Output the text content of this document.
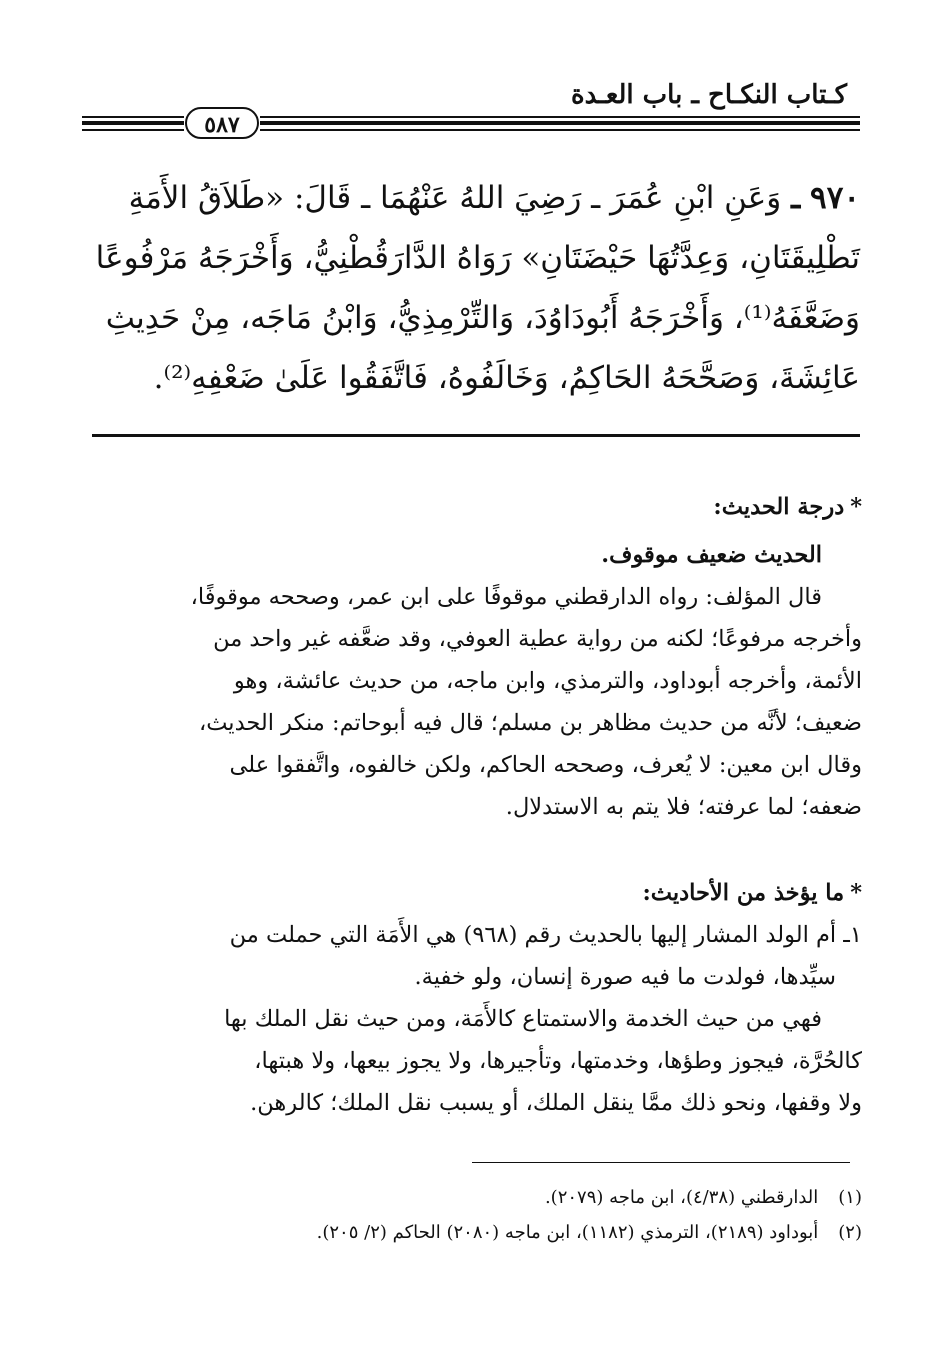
كـتاب النكـاح ـ باب العـدة
٥٨٧
٩٧٠ ـ وَعَنِ ابْنِ عُمَرَ ـ رَضِيَ اللهُ عَنْهُمَا ـ قَالَ: «طَلاَقُ الأَمَةِ
تَطْلِيقَتَانِ، وَعِدَّتُهَا حَيْضَتَانِ» رَوَاهُ الدَّارَقُطْنِيُّ، وَأَخْرَجَهُ مَرْفُوعًا
وَضَعَّفَهُ⁽¹⁾، وَأَخْرَجَهُ أَبُودَاوُدَ، وَالتِّرْمِذِيُّ، وَابْنُ مَاجَه، مِنْ حَدِيثِ
عَائِشَةَ، وَصَحَّحَهُ الحَاكِمُ، وَخَالَفُوهُ، فَاتَّفَقُوا عَلَىٰ ضَعْفِهِ⁽²⁾.

*درجة الحديث:

الحديث ضعيف موقوف.

قال المؤلف: رواه الدارقطني موقوفًا على ابن عمر، وصححه موقوفًا،

وأخرجه مرفوعًا؛ لكنه من رواية عطية العوفي، وقد ضعَّفه غير واحد من

الأئمة، وأخرجه أبوداود، والترمذي، وابن ماجه، من حديث عائشة، وهو

ضعيف؛ لأنَّه من حديث مظاهر بن مسلم؛ قال فيه أبوحاتم: منكر الحديث،

وقال ابن معين: لا يُعرف، وصححه الحاكم، ولكن خالفوه، واتَّفقوا على

ضعفه؛ لما عرفته؛ فلا يتم به الاستدلال.

*ما يؤخذ من الأحاديث:

١ـ أم الولد المشار إليها بالحديث رقم (٩٦٨) هي الأَمَة التي حملت من

سيِّدها، فولدت ما فيه صورة إنسان، ولو خفية.

فهي من حيث الخدمة والاستمتاع كالأَمَة، ومن حيث نقل الملك بها

كالحُرَّة، فيجوز وطؤها، وخدمتها، وتأجيرها، ولا يجوز بيعها، ولا هبتها،

ولا وقفها، ونحو ذلك ممَّا ينقل الملك، أو يسبب نقل الملك؛ كالرهن.

(١) الدارقطني (٤/٣٨)، ابن ماجه (٢٠٧٩).
(٢) أبوداود (٢١٨٩)، الترمذي (١١٨٢)، ابن ماجه (٢٠٨٠) الحاكم (٢/ ٢٠٥).
